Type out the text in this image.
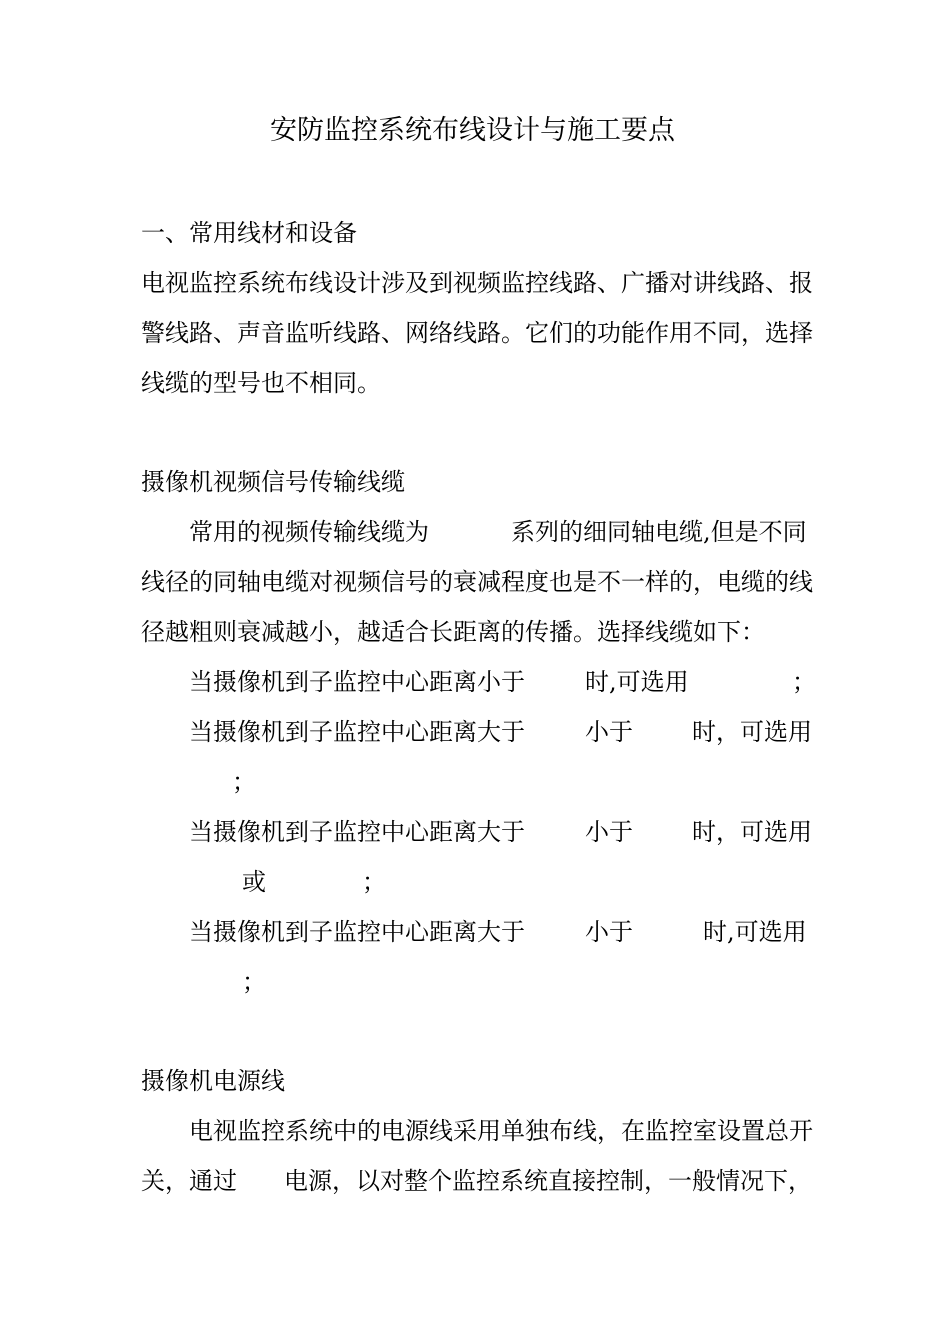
安防监控系统布线设计与施工要点
一、常用线材和设备
电视监控系统布线设计涉及到视频监控线路、广播对讲线路、报
警线路、声音监听线路、网络线路。它们的功能作用不同，选择
线缆的型号也不相同。
摄像机视频信号传输线缆
常用的视频传输线缆为	系列的细同轴电缆,但是不同
线径的同轴电缆对视频信号的衰减程度也是不一样的，电缆的线
径越粗则衰减越小，越适合长距离的传播。选择线缆如下：
当摄像机到子监控中心距离小于	时,可选用	；
当摄像机到子监控中心距离大于	小于 时，可选用
；
当摄像机到子监控中心距离大于	小于 时，可选用
或	；
当摄像机到子监控中心距离大于	小于	时,可选用
；
摄像机电源线
电视监控系统中的电源线采用单独布线，在监控室设置总开
关，通过 电源，以对整个监控系统直接控制，一般情况下，
